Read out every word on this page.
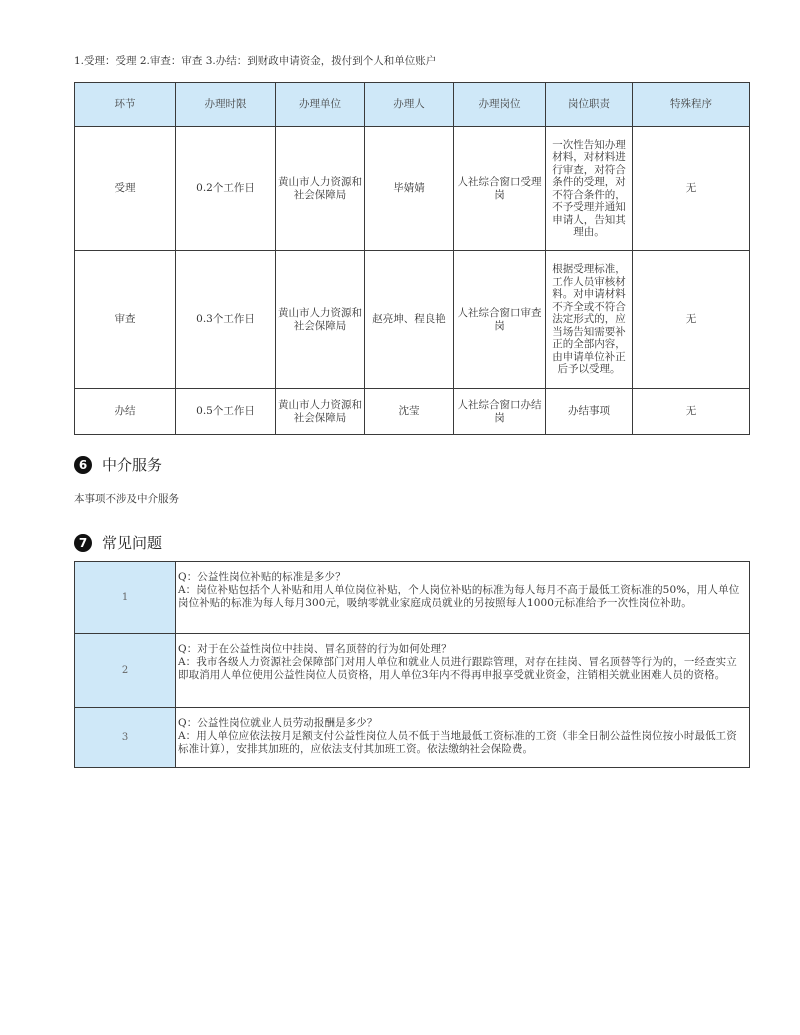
1.受理：受理 2.审查：审查 3.办结：到财政申请资金，拨付到个人和单位账户
环节	办理时限	办理单位	办理人	办理岗位	岗位职责	特殊程序
受理	0.2个工作日	黄山市人力资源和社会保障局	毕婧婧	人社综合窗口受理岗	一次性告知办理材料，对材料进行审查，对符合条件的受理，对不符合条件的，不予受理并通知申请人，告知其理由。	无
审查	0.3个工作日	黄山市人力资源和社会保障局	赵亮坤、程良艳	人社综合窗口审查岗	根据受理标准，工作人员审核材料。对申请材料不齐全或不符合法定形式的，应当场告知需要补正的全部内容，由申请单位补正后予以受理。	无
办结	0.5个工作日	黄山市人力资源和社会保障局	沈莹	人社综合窗口办结岗	办结事项	无
6 中介服务
本事项不涉及中介服务
7 常见问题
1	Q：公益性岗位补贴的标准是多少？
A：岗位补贴包括个人补贴和用人单位岗位补贴，个人岗位补贴的标准为每人每月不高于最低工资标准的50%，用人单位岗位补贴的标准为每人每月300元，吸纳零就业家庭成员就业的另按照每人1000元标准给予一次性岗位补助。

2	Q：对于在公益性岗位中挂岗、冒名顶替的行为如何处理？
A：我市各级人力资源社会保障部门对用人单位和就业人员进行跟踪管理，对存在挂岗、冒名顶替等行为的，一经查实立即取消用人单位使用公益性岗位人员资格，用人单位3年内不得再申报享受就业资金，注销相关就业困难人员的资格。

3	Q：公益性岗位就业人员劳动报酬是多少？
A：用人单位应依法按月足额支付公益性岗位人员不低于当地最低工资标准的工资（非全日制公益性岗位按小时最低工资标准计算），安排其加班的，应依法支付其加班工资。依法缴纳社会保险费。
